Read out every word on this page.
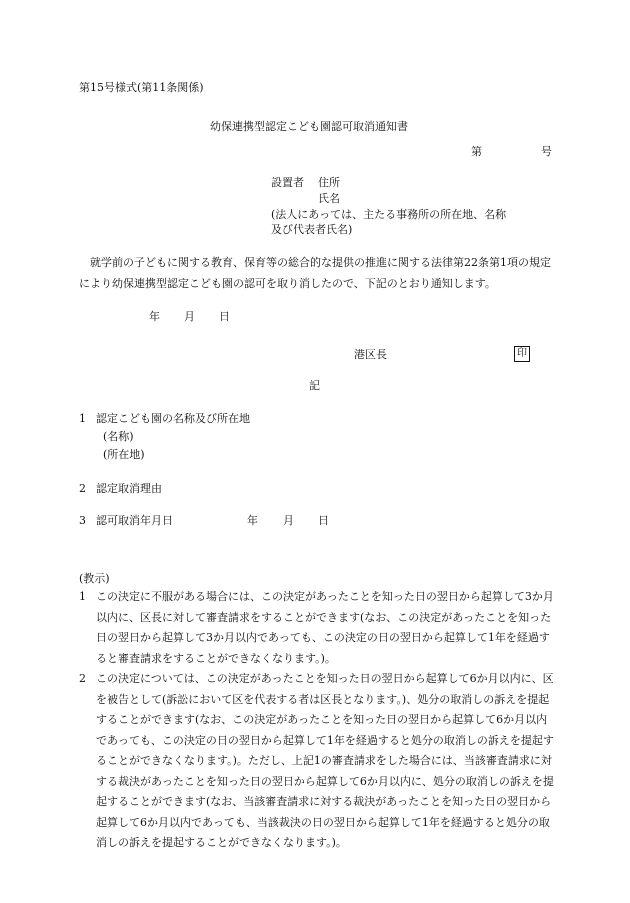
第15号様式(第11条関係)
幼保連携型認定こども園認可取消通知書
第	号
設置者 住所
氏名
(法人にあっては、主たる事務所の所在地、名称
及び代表者氏名)
就学前の子どもに関する教育、保育等の総合的な提供の推進に関する法律第22条第1項の規定により幼保連携型認定こども園の認可を取り消したので、下記のとおり通知します。
年 月 日
港区長	印
記
1 認定こども園の名称及び所在地
(名称)
(所在地)
2 認定取消理由
3 認可取消年月日	年 月 日
(教示)
1 この決定に不服がある場合には、この決定があったことを知った日の翌日から起算して3か月以内に、区長に対して審査請求をすることができます(なお、この決定があったことを知った日の翌日から起算して3か月以内であっても、この決定の日の翌日から起算して1年を経過すると審査請求をすることができなくなります。)。
2 この決定については、この決定があったことを知った日の翌日から起算して6か月以内に、区を被告として(訴訟において区を代表する者は区長となります。)、処分の取消しの訴えを提起することができます(なお、この決定があったことを知った日の翌日から起算して6か月以内であっても、この決定の日の翌日から起算して1年を経過すると処分の取消しの訴えを提起することができなくなります。)。ただし、上記1の審査請求をした場合には、当該審査請求に対する裁決があったことを知った日の翌日から起算して6か月以内に、処分の取消しの訴えを提起することができます(なお、当該審査請求に対する裁決があったことを知った日の翌日から起算して6か月以内であっても、当該裁決の日の翌日から起算して1年を経過すると処分の取消しの訴えを提起することができなくなります。)。
